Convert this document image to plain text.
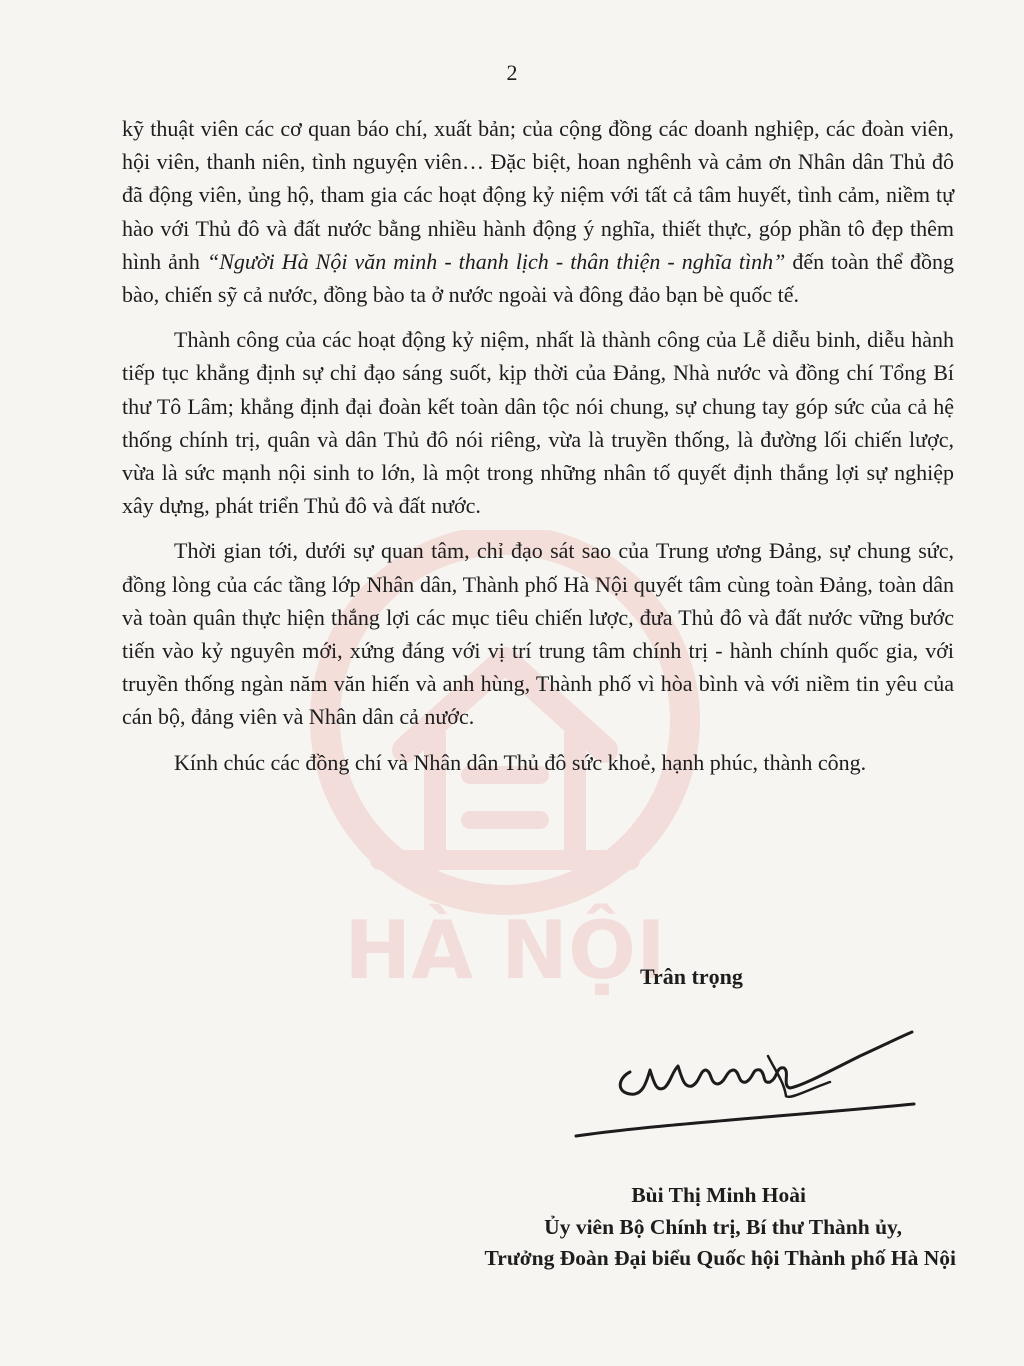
HÀ NỘI
2

kỹ thuật viên các cơ quan báo chí, xuất bản; của cộng đồng các doanh nghiệp, các đoàn viên, hội viên, thanh niên, tình nguyện viên… Đặc biệt, hoan nghênh và cảm ơn Nhân dân Thủ đô đã động viên, ủng hộ, tham gia các hoạt động kỷ niệm với tất cả tâm huyết, tình cảm, niềm tự hào với Thủ đô và đất nước bằng nhiều hành động ý nghĩa, thiết thực, góp phần tô đẹp thêm hình ảnh “Người Hà Nội văn minh - thanh lịch - thân thiện - nghĩa tình” đến toàn thể đồng bào, chiến sỹ cả nước, đồng bào ta ở nước ngoài và đông đảo bạn bè quốc tế.

Thành công của các hoạt động kỷ niệm, nhất là thành công của Lễ diễu binh, diễu hành tiếp tục khẳng định sự chỉ đạo sáng suốt, kịp thời của Đảng, Nhà nước và đồng chí Tổng Bí thư Tô Lâm; khẳng định đại đoàn kết toàn dân tộc nói chung, sự chung tay góp sức của cả hệ thống chính trị, quân và dân Thủ đô nói riêng, vừa là truyền thống, là đường lối chiến lược, vừa là sức mạnh nội sinh to lớn, là một trong những nhân tố quyết định thắng lợi sự nghiệp xây dựng, phát triển Thủ đô và đất nước.

Thời gian tới, dưới sự quan tâm, chỉ đạo sát sao của Trung ương Đảng, sự chung sức, đồng lòng của các tầng lớp Nhân dân, Thành phố Hà Nội quyết tâm cùng toàn Đảng, toàn dân và toàn quân thực hiện thắng lợi các mục tiêu chiến lược, đưa Thủ đô và đất nước vững bước tiến vào kỷ nguyên mới, xứng đáng với vị trí trung tâm chính trị - hành chính quốc gia, với truyền thống ngàn năm văn hiến và anh hùng, Thành phố vì hòa bình và với niềm tin yêu của cán bộ, đảng viên và Nhân dân cả nước.

Kính chúc các đồng chí và Nhân dân Thủ đô sức khoẻ, hạnh phúc, thành công.

Trân trọng
Bùi Thị Minh Hoài
Ủy viên Bộ Chính trị, Bí thư Thành ủy,
Trưởng Đoàn Đại biểu Quốc hội Thành phố Hà Nội
